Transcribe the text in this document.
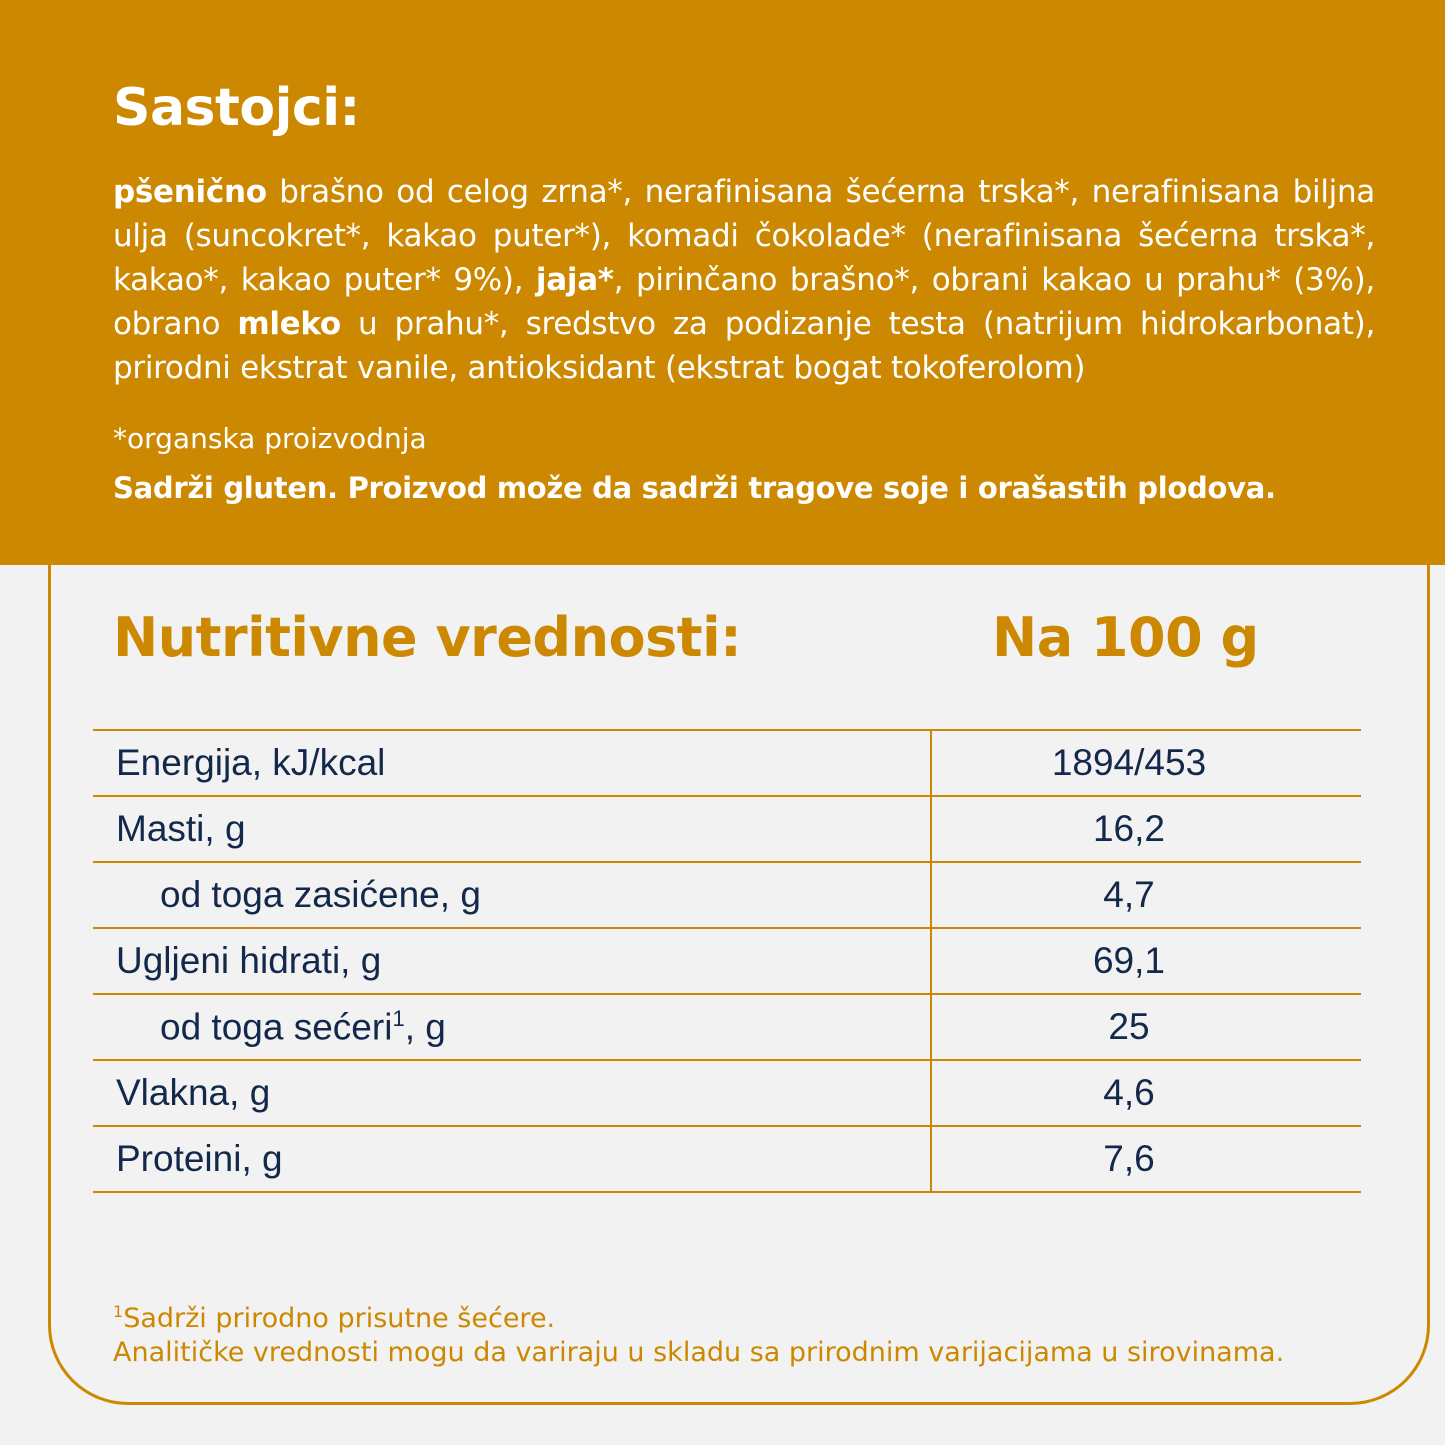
Sastojci:

pšenično brašno od celog zrna*, nerafinisana šećerna trska*, nerafinisana biljna ulja (suncokret*, kakao puter*), komadi čokolade* (nerafinisana šećerna trska*, kakao*, kakao puter* 9%), jaja*, pirinčano brašno*, obrani kakao u prahu* (3%), obrano mleko u prahu*, sredstvo za podizanje testa (natrijum hidrokarbonat), prirodni ekstrat vanile, antioksidant (ekstrat bogat tokoferolom)

*organska proizvodnja

Sadrži gluten. Proizvod može da sadrži tragove soje i orašastih plodova.

Nutritivne vrednosti:	Na 100 g
Energija, kJ/kcal	1894/453
Masti, g	16,2
od toga zasićene, g	4,7
Ugljeni hidrati, g	69,1
od toga sećeri$^1$, g	25
Vlakna, g	4,6
Proteini, g	7,6

$^1$Sadrži prirodno prisutne šećere.
Analitičke vrednosti mogu da variraju u skladu sa prirodnim varijacijama u sirovinama.
